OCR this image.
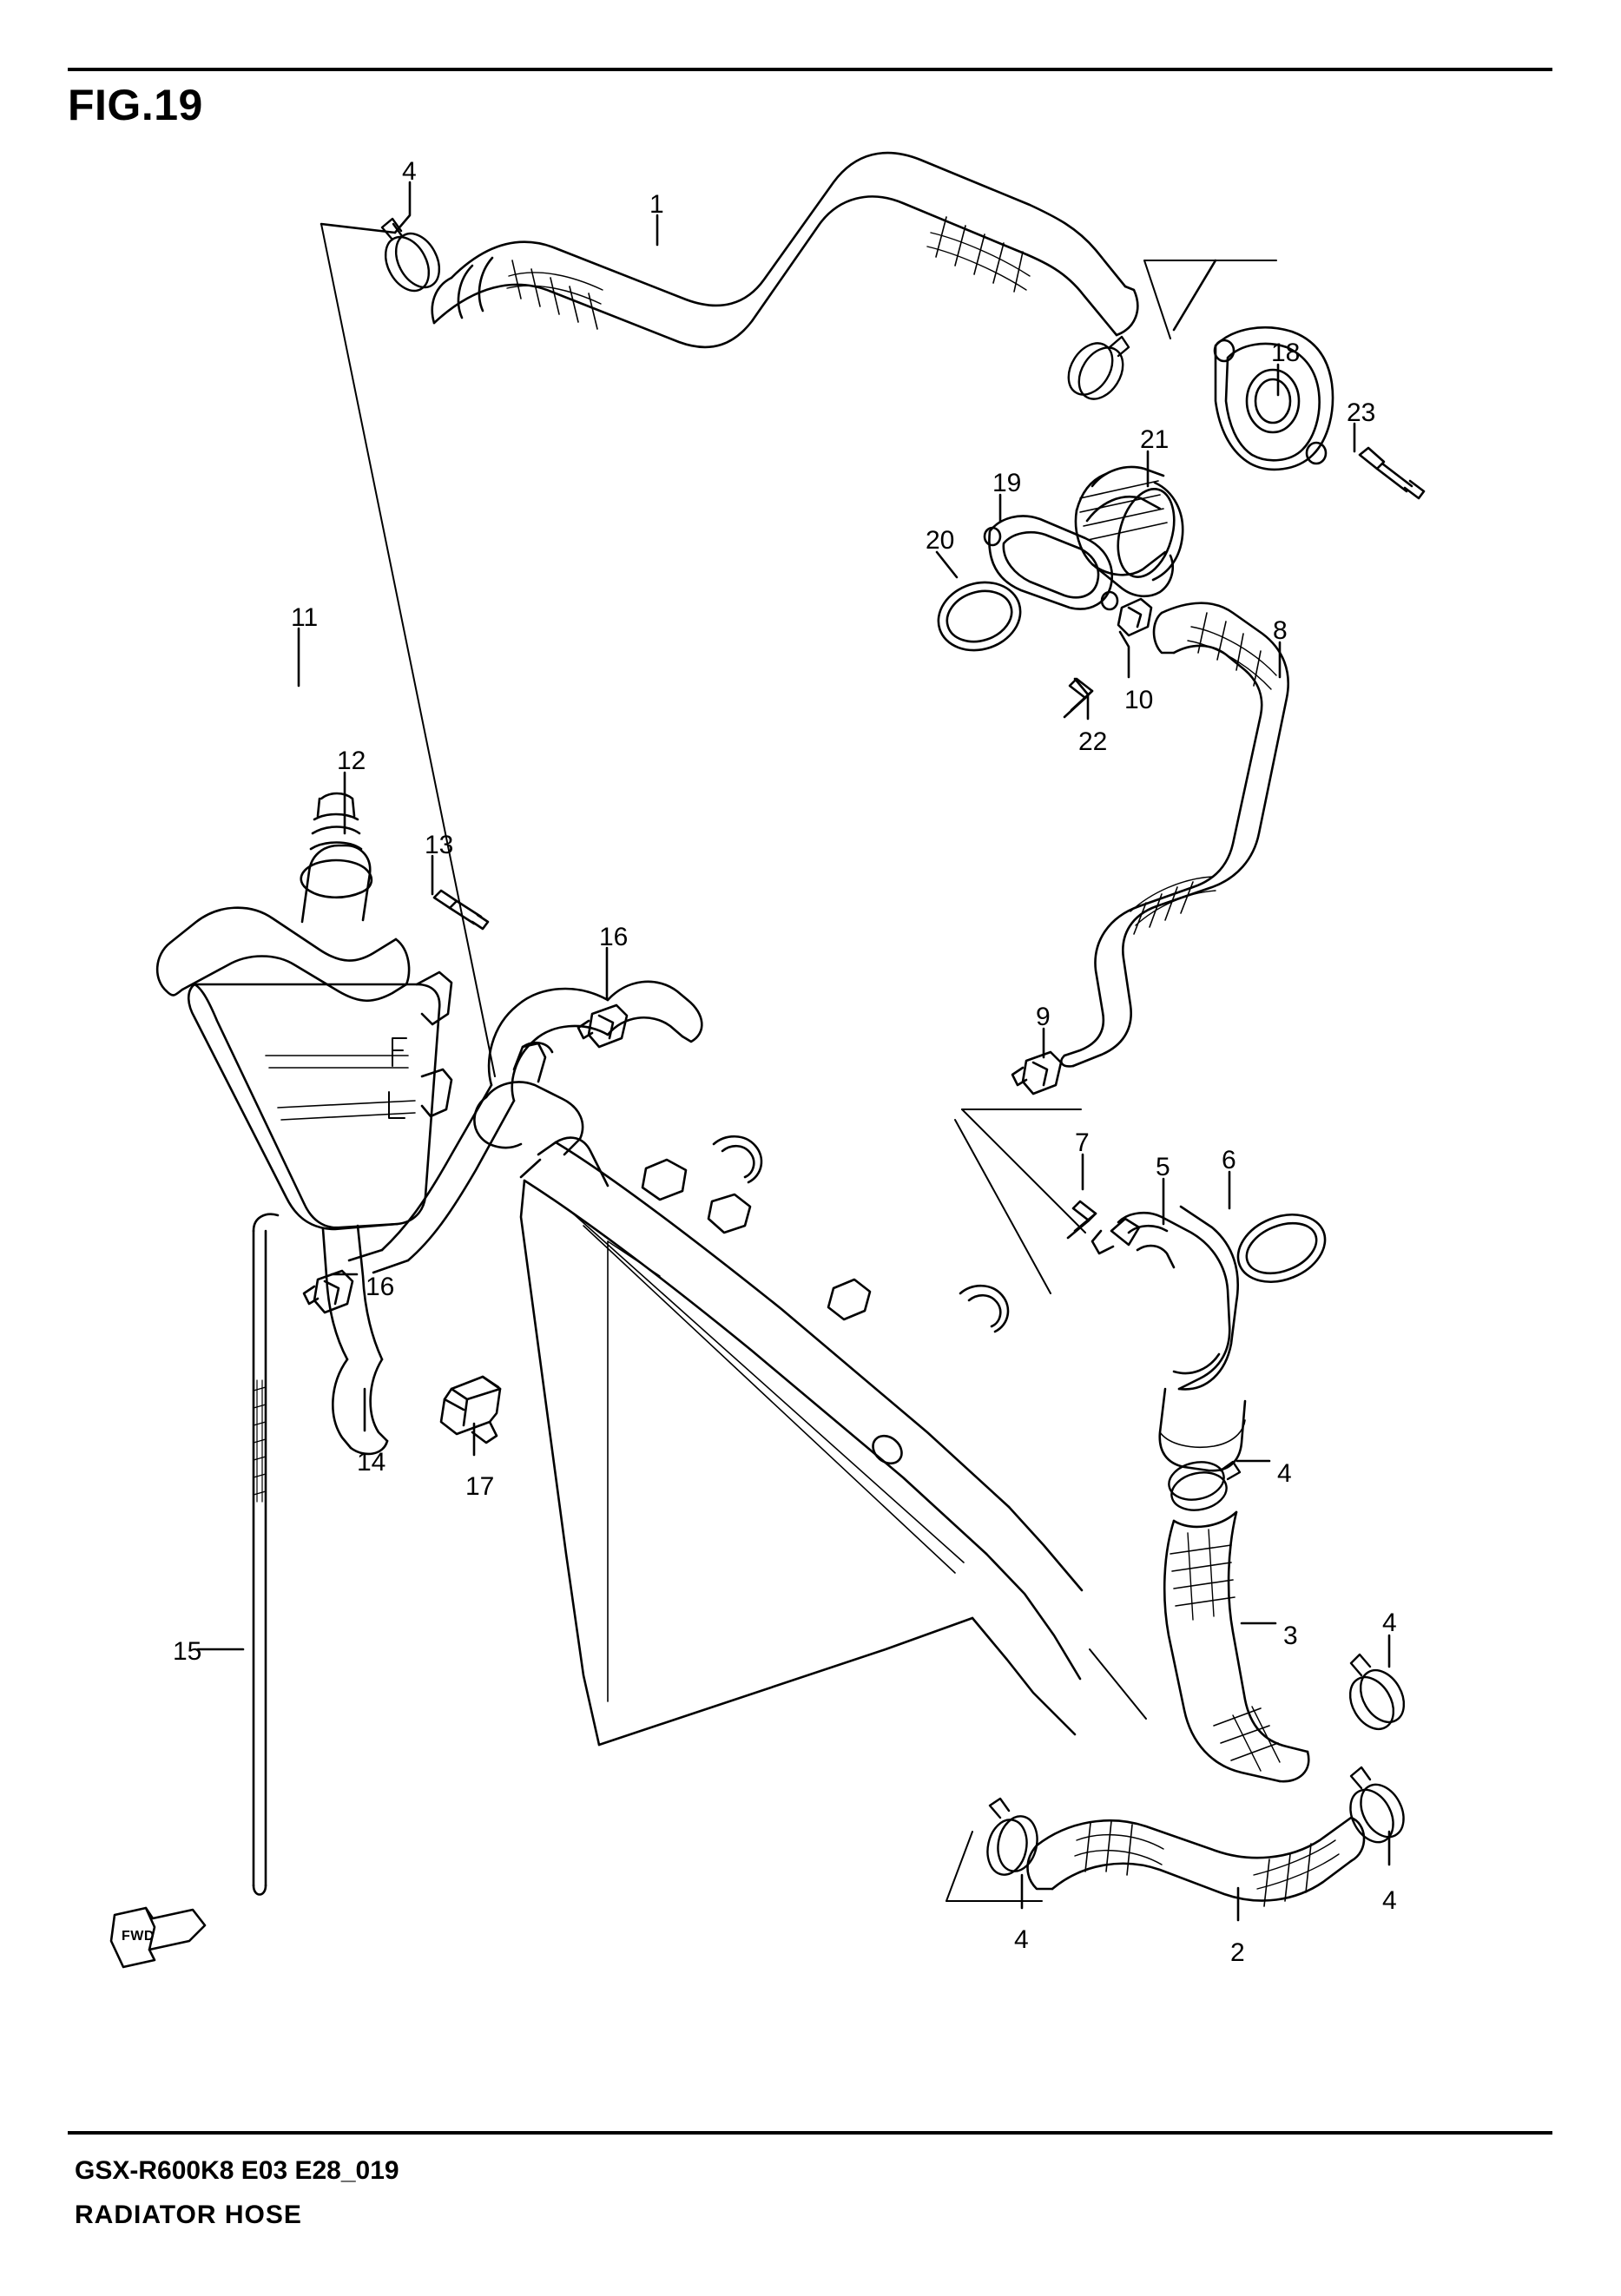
FIG.19
FWD
4
1
18
23
21
19
20
8
10
22
11
12
13
16
9
7
5 6
16
14
17	4
15
3	4
4
4	2
GSX-R600K8 E03 E28_019
RADIATOR HOSE
